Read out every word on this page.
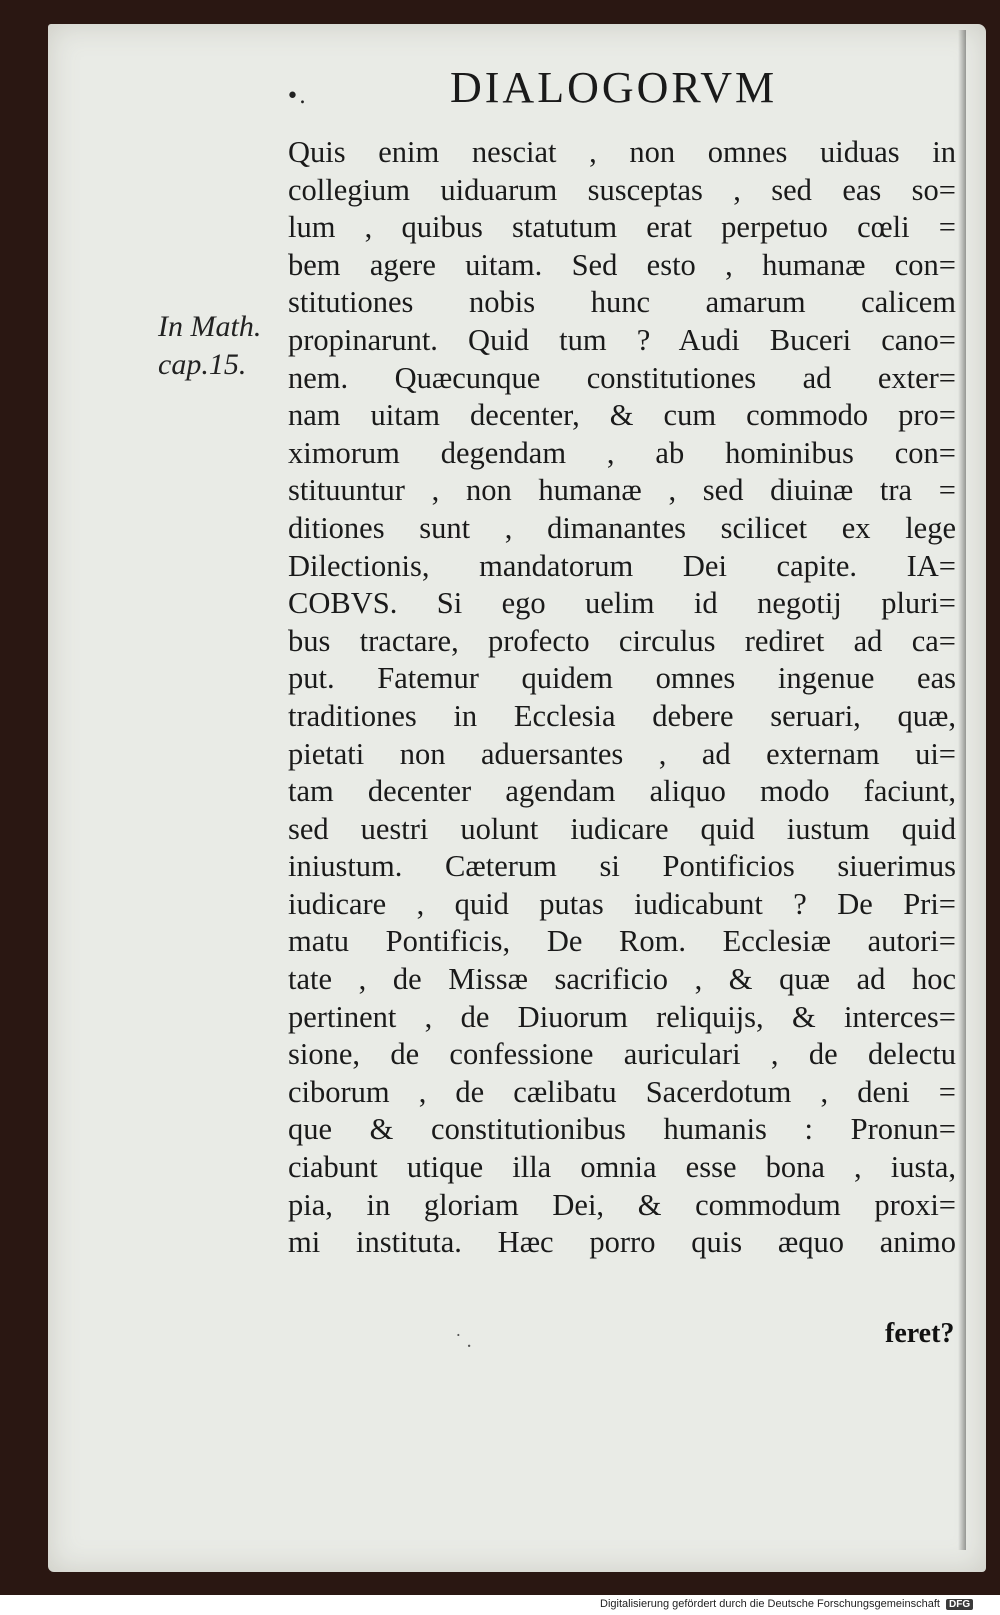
•.	DIALOGORVM
In Math.
cap.15.
Quis enim nesciat , non omnes uiduas in
collegium uiduarum susceptas , sed eas so=
lum , quibus statutum erat perpetuo cœli =
bem agere uitam. Sed esto , humanæ con=
stitutiones nobis hunc amarum calicem
propinarunt. Quid tum ? Audi Buceri cano=
nem. Quæcunque constitutiones ad exter=
nam uitam decenter, & cum commodo pro=
ximorum degendam , ab hominibus con=
stituuntur , non humanæ , sed diuinæ tra =
ditiones sunt , dimanantes scilicet ex lege
Dilectionis, mandatorum Dei capite. IA=
COBVS. Si ego uelim id negotij pluri=
bus tractare, profecto circulus rediret ad ca=
put. Fatemur quidem omnes ingenue eas
traditiones in Ecclesia debere seruari, quæ,
pietati non aduersantes , ad externam ui=
tam decenter agendam aliquo modo faciunt,
sed uestri uolunt iudicare quid iustum quid
iniustum. Cæterum si Pontificios siuerimus
iudicare , quid putas iudicabunt ? De Pri=
matu Pontificis, De Rom. Ecclesiæ autori=
tate , de Missæ sacrificio , & quæ ad hoc
pertinent , de Diuorum reliquijs, & interces=
sione, de confessione auriculari , de delectu
ciborum , de cælibatu Sacerdotum , deni =
que & constitutionibus humanis : Pronun=
ciabunt utique illa omnia esse bona , iusta,
pia, in gloriam Dei, & commodum proxi=
mi instituta. Hæc porro quis æquo animo
˙ .	feret?
Digitalisierung gefördert durch die Deutsche Forschungsgemeinschaft DFG
